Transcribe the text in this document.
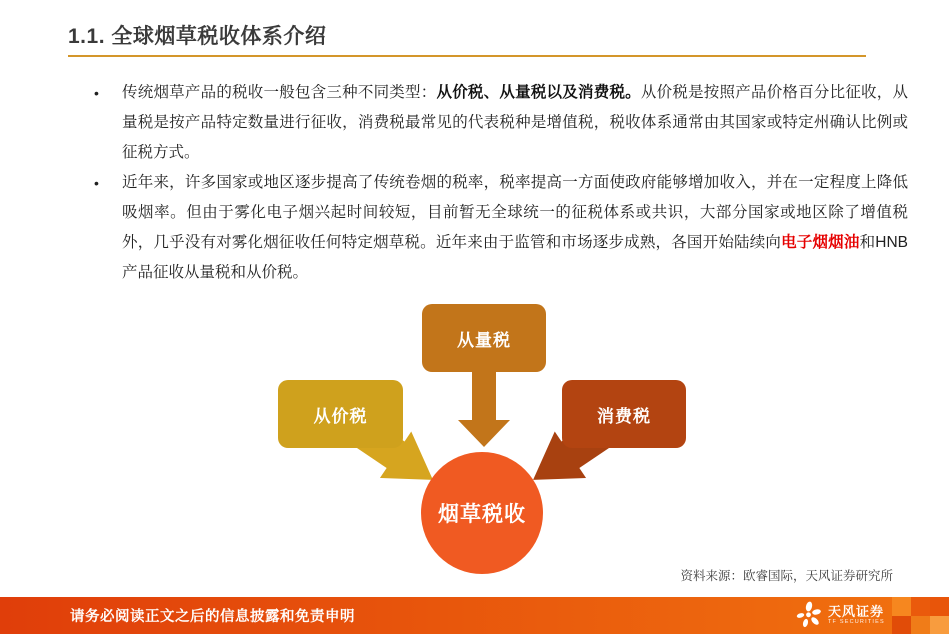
1.1. 全球烟草税收体系介绍
• 传统烟草产品的税收一般包含三种不同类型：从价税、从量税以及消费税。从价税是按照产品价格百分比征收，从量税是按产品特定数量进行征收，消费税最常见的代表税种是增值税，税收体系通常由其国家或特定州确认比例或征税方式。
• 近年来，许多国家或地区逐步提高了传统卷烟的税率，税率提高一方面使政府能够增加收入，并在一定程度上降低吸烟率。但由于雾化电子烟兴起时间较短，目前暂无全球统一的征税体系或共识，大部分国家或地区除了增值税外，几乎没有对雾化烟征收任何特定烟草税。近年来由于监管和市场逐步成熟，各国开始陆续向电子烟烟油和HNB产品征收从量税和从价税。
从量税
从价税	消费税
烟草税收
资料来源：欧睿国际，天风证券研究所
请务必阅读正文之后的信息披露和免责申明	天风证券
TF SECURITIES
